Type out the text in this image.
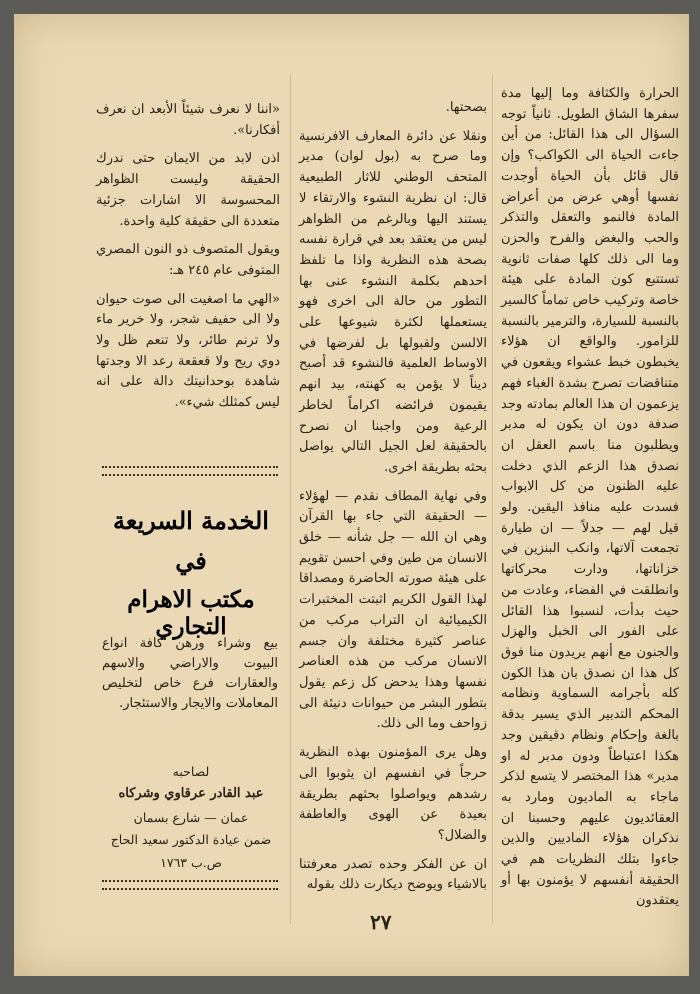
الحرارة والكثافة وما إليها مدة سفرها الشاق الطويل. ثانياً توجه السؤال الى هذا القائل: من أين جاءت الحياة الى الكواكب؟ وإن قال قائل بأن الحياة أوجدت نفسها أوهي عرض من أعراض المادة فالنمو والتعقل والتذكر والحب والبغض والفرح والحزن وما الى ذلك كلها صفات ثانوية تستتبع كون المادة على هيئة خاصة وتركيب خاص تماماً كالسير بالنسبة للسيارة، والترمير بالنسبة للزامور. والواقع ان هؤلاء يخبطون خبط عشواء ويقعون في متناقضات تصرح بشدة الغباء فهم يزعمون ان هذا العالم بمادته وجد صدفة دون ان يكون له مدبر ويطلبون منا باسم العقل ان نصدق هذا الزعم الذي دخلت عليه الظنون من كل الابواب فسدت عليه منافذ اليقين. ولو قيل لهم — جدلاً — ان طيارة تجمعت آلاتها، وانكب البنزين في خزاناتها، ودارت محركاتها وانطلقت في الفضاء، وعادت من حيث بدأت، لنسبوا هذا القائل على الفور الى الخبل والهزل والجنون مع أنهم يريدون منا فوق كل هذا ان نصدق بان هذا الكون كله بأجرامه السماوية ونظامه المحكم التدبير الذي يسير بدقة بالغة وإحكام ونظام دقيقين وجد هكذا اعتباطاً ودون مدبر له او مدير» هذا المختصر لا يتسع لذكر ماجاء به الماديون ومارد به العقائديون عليهم وحسبنا ان نذكران هؤلاء الماديين والذين جاءوا بتلك النظريات هم في الحقيقة أنفسهم لا يؤمنون بها أو يعتقدون

بصحتها.

ونقلا عن دائرة المعارف الافرنسية وما صرح به (بول لوان) مدير المتحف الوطني للاثار الطبيعية قال: ان نظرية النشوء والارتقاء لا يستند اليها وبالرغم من الظواهر ليس من يعتقد بعد في قرارة نفسه بصحة هذه النظرية واذا ما تلفظ احدهم بكلمة النشوء عنى بها التطور من حالة الى اخرى فهو يستعملها لكثرة شيوعها على الالسن ولقبولها بل لفرضها في الاوساط العلمية فالنشوء قد أصبح ديناً لا يؤمن به كهنته، بيد انهم يقيمون فرائضه اكراماً لخاطر الرعية ومن واجبنا ان نصرح بالحقيقة لعل الجيل التالي يواصل بحثه بطريقة اخرى.

وفي نهاية المطاف نقدم — لهؤلاء — الحقيقة التي جاء بها القرآن وهي ان الله — جل شأنه — خلق الانسان من طين وفي احسن تقويم على هيئة صورته الحاضرة ومصداقا لهذا القول الكريم اثبتت المختبرات الكيميائية ان التراب مركب من عناصر كثيرة مختلفة وان جسم الانسان مركب من هذه العناصر نفسها وهذا يدحض كل زعم يقول بتطور البشر من حيوانات دنيئة الى زواحف وما الى ذلك.

وهل يرى المؤمنون بهذه النظرية حرجاً في انفسهم ان يثوبوا الى رشدهم ويواصلوا بحثهم بطريقة بعيدة عن الهوى والعاطفة والضلال؟

ان عن الفكر وحده تصدر معرفتنا بالاشياء ويوضح ديكارت ذلك بقوله

«اننا لا نعرف شيئاً الأبعد ان نعرف أفكارنا».

اذن لابد من الايمان حتى ندرك الحقيقة وليست الظواهر المحسوسة الا اشارات جزئية متعددة الى حقيقة كلية واحدة.

ويقول المتصوف ذو النون المصري المتوفى عام ٢٤٥ هـ:

«الهي ما اصغيت الى صوت حيوان ولا الى حفيف شجر، ولا خرير ماء ولا ترنم طائر، ولا تنعم ظل ولا دوي ريح ولا قعقعة رعد الا وجدتها شاهدة بوحدانيتك دالة على انه ليس كمثلك شيء».

الخدمة السريعة
في
مكتب الاهرام التجاري
بيع وشراء ورهن كافة انواع البيوت والاراضي والاسهم والعقارات فرع خاص لتخليص المعاملات والايجار والاستئجار.
لصاحبه
عبد القادر عرقاوي وشركاه
عمان — شارع بسمان
ضمن عيادة الدكتور سعيد الحاج
ص.ب ١٧٦٣
٢٧
